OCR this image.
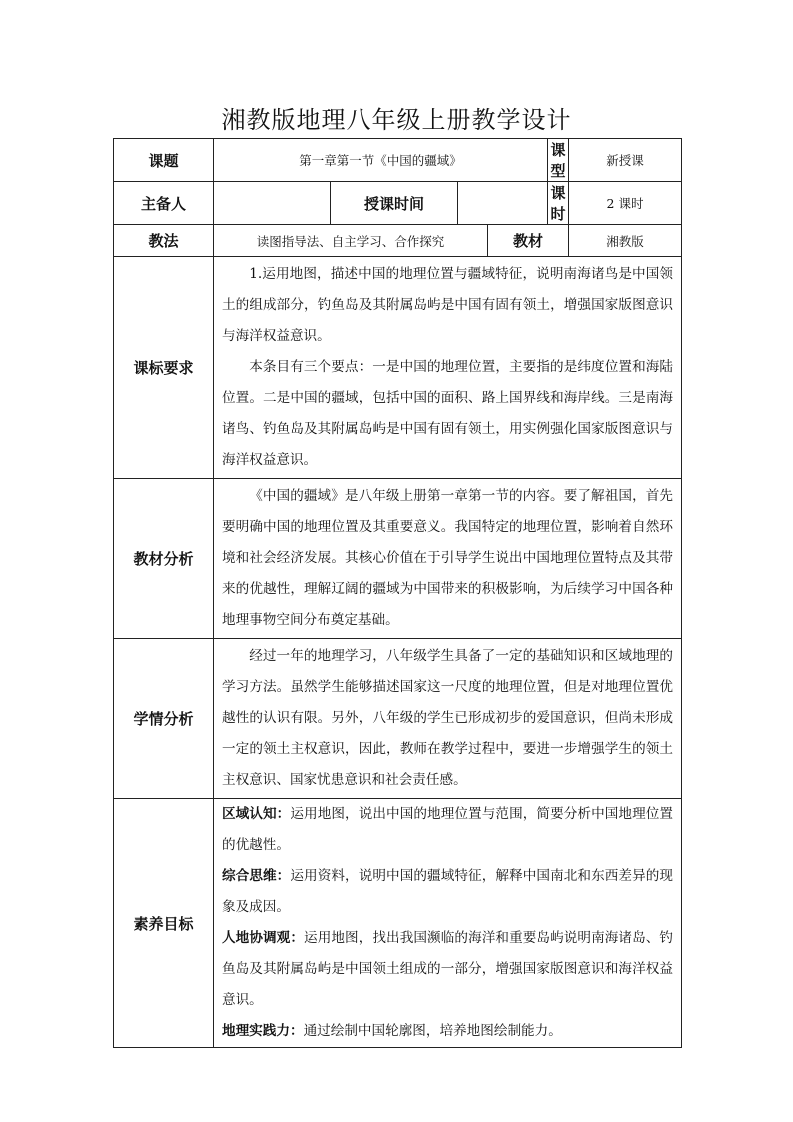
湘教版地理八年级上册教学设计
课题	第一章第一节《中国的疆域》				课型	新授课
主备人		授课时间			课时	2 课时
教法	读图指导法、自主学习、合作探究			教材		湘教版
课标要求	1.运用地图，描述中国的地理位置与疆域特征，说明南海诸鸟是中国领土的组成部分，钓鱼岛及其附属岛屿是中国有固有领土，增强国家版图意识与海洋权益意识。

本条目有三个要点：一是中国的地理位置，主要指的是纬度位置和海陆位置。二是中国的疆域，包括中国的面积、路上国界线和海岸线。三是南海诸鸟、钓鱼岛及其附属岛屿是中国有固有领土，用实例强化国家版图意识与海洋权益意识。					

教材分析	《中国的疆域》是八年级上册第一章第一节的内容。要了解祖国，首先要明确中国的地理位置及其重要意义。我国特定的地理位置，影响着自然环境和社会经济发展。其核心价值在于引导学生说出中国地理位置特点及其带来的优越性，理解辽阔的疆域为中国带来的积极影响，为后续学习中国各种地理事物空间分布奠定基础。					

学情分析	经过一年的地理学习，八年级学生具备了一定的基础知识和区域地理的学习方法。虽然学生能够描述国家这一尺度的地理位置，但是对地理位置优越性的认识有限。另外，八年级的学生已形成初步的爱国意识，但尚未形成一定的领土主权意识，因此，教师在教学过程中，要进一步增强学生的领土主权意识、国家忧患意识和社会责任感。					

素养目标	区域认知：运用地图，说出中国的地理位置与范围，简要分析中国地理位置的优越性。

综合思维：运用资料，说明中国的疆域特征，解释中国南北和东西差异的现象及成因。

人地协调观：运用地图，找出我国濒临的海洋和重要岛屿说明南海诸岛、钓鱼岛及其附属岛屿是中国领土组成的一部分，增强国家版图意识和海洋权益意识。

地理实践力：通过绘制中国轮廓图，培养地图绘制能力。					
